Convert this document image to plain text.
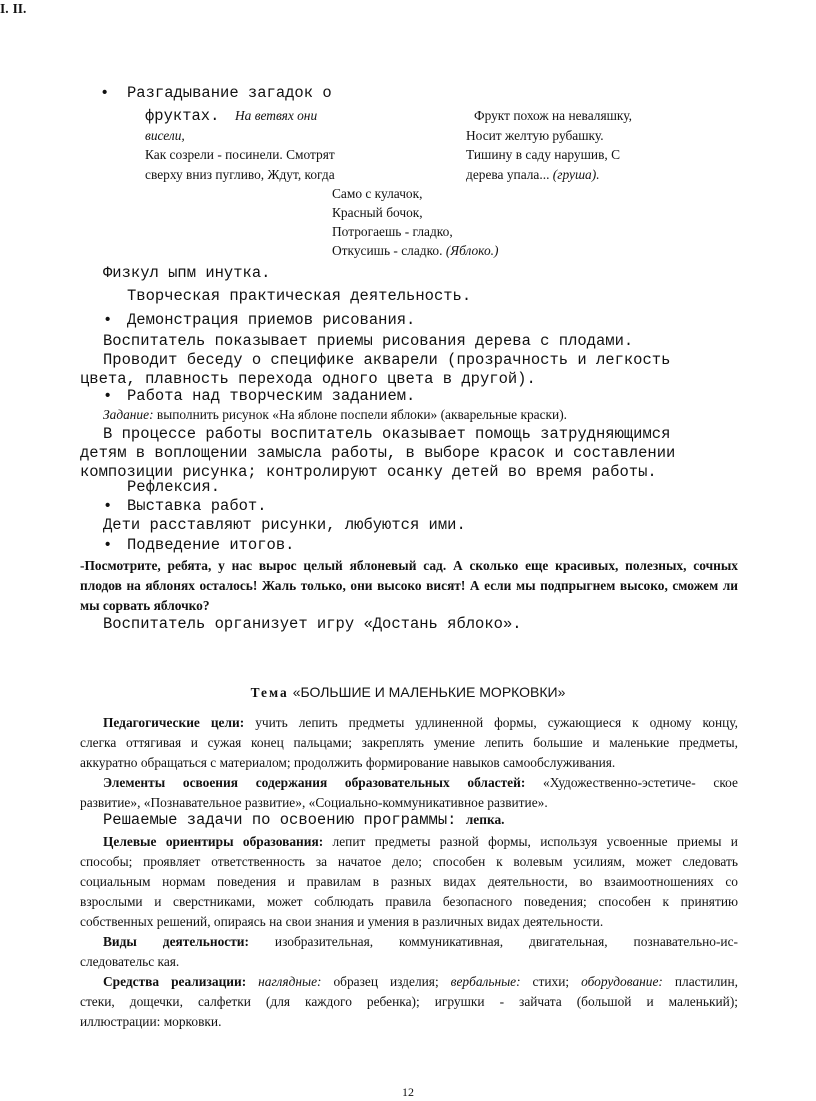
• Разгадывание загадок о
фруктах. На ветвях они
висели,
Как созрели - посинели. Смотрят
сверху вниз пугливо, Ждут, когда
Фрукт похож на неваляшку,
Носит желтую рубашку.
Тишину в саду нарушив, С
дерева упала... (груша).
Само с кулачок,
Красный бочок,
Потрогаешь - гладко,
Откусишь - сладко. (Яблоко.)
Физкул ыпм инутка.
I.
Творческая практическая деятельность.
• Демонстрация приемов рисования.
Воспитатель показывает приемы рисования дерева с плодами.
Проводит беседу о специфике акварели (прозрачность и легкость
цвета, плавность перехода одного цвета в другой).
• Работа над творческим заданием.
Задание: выполнить рисунок «На яблоне поспели яблоки» (акварельные краски).
В процессе работы воспитатель оказывает помощь затрудняющимся
детям в воплощении замысла работы, в выборе красок и составлении
композиции рисунка; контролируют осанку детей во время работы.
II.
Рефлексия.
• Выставка работ.
Дети расставляют рисунки, любуются ими.
• Подведение итогов.
-Посмотрите, ребята, у нас вырос целый яблоневый сад. А сколько еще красивых, полезных, сочных
плодов на яблонях осталось! Жаль только, они высоко висят! А если мы подпрыгнем высоко, сможем ли
мы сорвать яблочко?
Воспитатель организует игру «Достань яблоко».
Тема «БОЛЬШИЕ И МАЛЕНЬКИЕ МОРКОВКИ»
Педагогические цели: учить лепить предметы удлиненной формы, сужающиеся к одному концу,
слегка оттягивая и сужая конец пальцами; закреплять умение лепить большие и маленькие предметы,
аккуратно обращаться с материалом; продолжить формирование навыков самообслуживания.
Элементы освоения содержания образовательных областей: «Художественно-эстетиче- ское
развитие», «Познавательное развитие», «Социально-коммуникативное развитие».
Решаемые задачи по освоению программы: лепка.
Целевые ориентиры образования: лепит предметы разной формы, используя усвоенные приемы и
способы; проявляет ответственность за начатое дело; способен к волевым усилиям, может следовать
социальным нормам поведения и правилам в разных видах деятельности, во взаимоотношениях со
взрослыми и сверстниками, может соблюдать правила безопасного поведения; способен к принятию
собственных решений, опираясь на свои знания и умения в различных видах деятельности.
Виды деятельности: изобразительная, коммуникативная, двигательная, познавательно-ис-
следовательс кая.
Средства реализации: наглядные: образец изделия; вербальные: стихи; оборудование: пластилин,
стеки, дощечки, салфетки (для каждого ребенка); игрушки - зайчата (большой и маленький);
иллюстрации: морковки.
12
